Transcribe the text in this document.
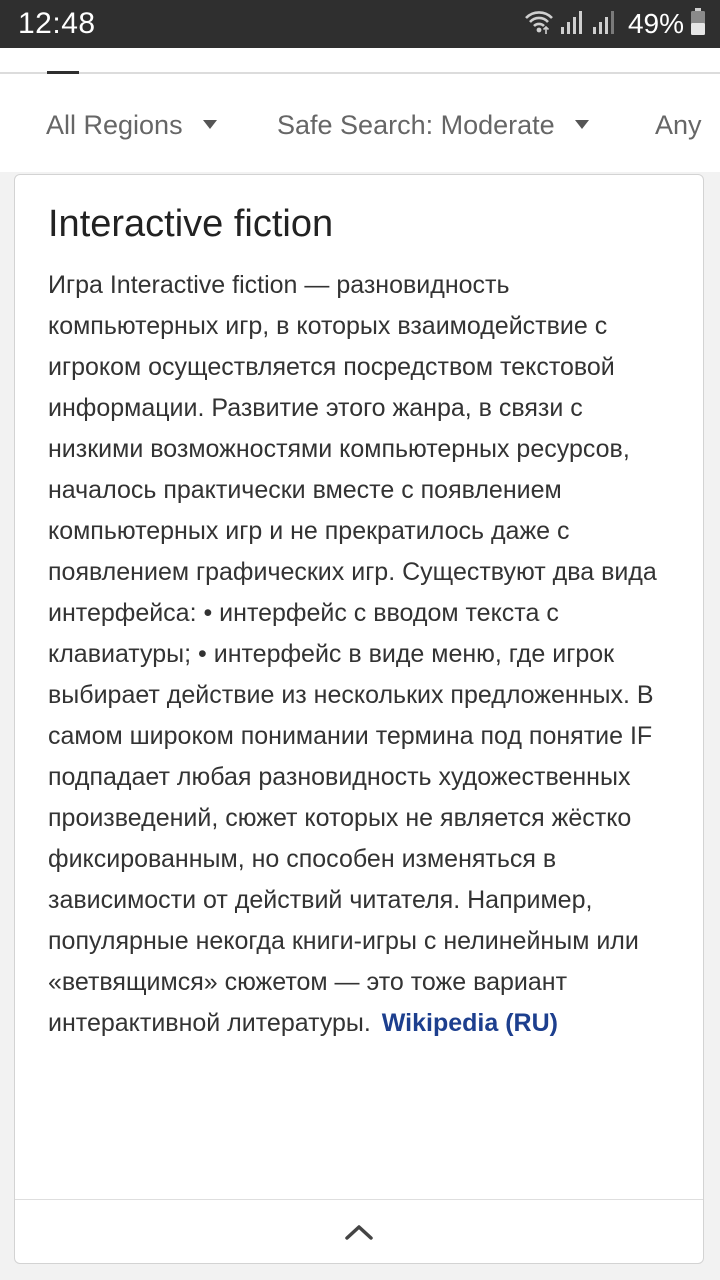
12:48	49%
All Regions	Safe Search: Moderate	Any
Interactive fiction

Игра Interactive fiction — разновидность компьютерных игр, в которых взаимодействие с игроком осуществляется посредством текстовой информации. Развитие этого жанра, в связи с низкими возможностями компьютерных ресурсов, началось практически вместе с появлением компьютерных игр и не прекратилось даже с появлением графических игр. Существуют два вида интерфейса: • интерфейс с вводом текста с клавиатуры; • интерфейс в виде меню, где игрок выбирает действие из нескольких предложенных. В самом широком понимании термина под понятие IF подпадает любая разновидность художественных произведений, сюжет которых не является жёстко фиксированным, но способен изменяться в зависимости от действий читателя. Например, популярные некогда книги-игры с нелинейным или «ветвящимся» сюжетом — это тоже вариант интерактивной литературы. Wikipedia (RU)
